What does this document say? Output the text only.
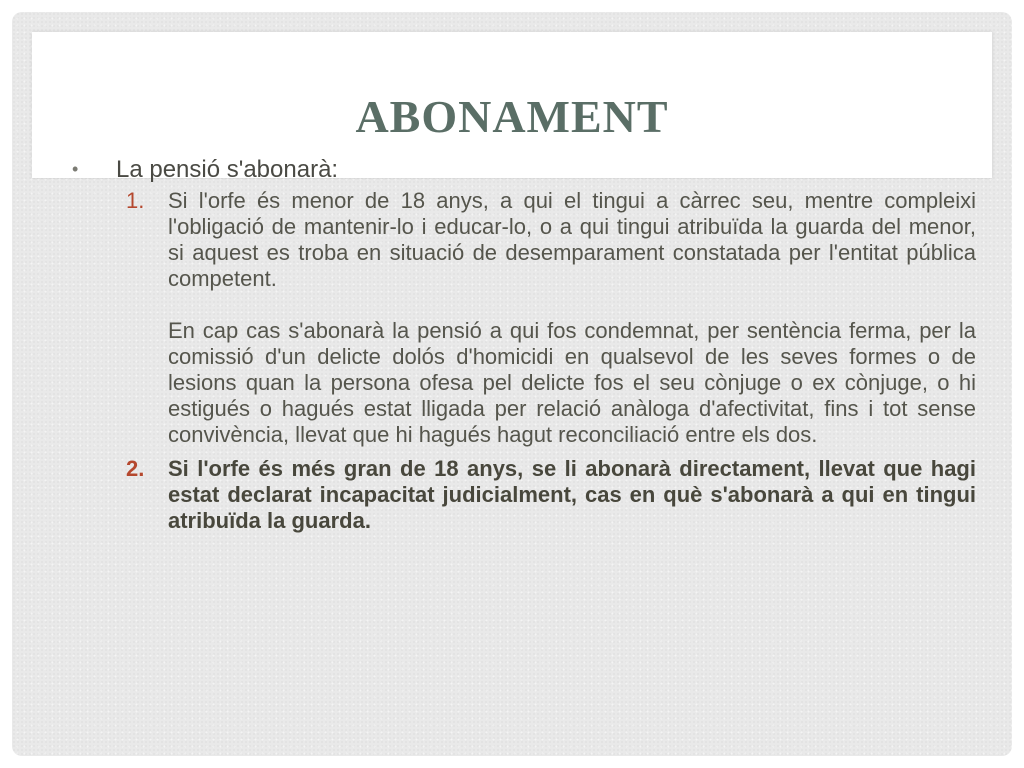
ABONAMENT
• La pensió s'abonarà:
1. Si l'orfe és menor de 18 anys, a qui el tingui a càrrec seu, mentre compleixi l'obligació de mantenir-lo i educar-lo, o a qui tingui atribuïda la guarda del menor, si aquest es troba en situació de desemparament constatada per l'entitat pública competent.

En cap cas s'abonarà la pensió a qui fos condemnat, per sentència ferma, per la comissió d'un delicte dolós d'homicidi en qualsevol de les seves formes o de lesions quan la persona ofesa pel delicte fos el seu cònjuge o ex cònjuge, o hi estigués o hagués estat lligada per relació anàloga d'afectivitat, fins i tot sense convivència, llevat que hi hagués hagut reconciliació entre els dos.

2. Si l'orfe és més gran de 18 anys, se li abonarà directament, llevat que hagi estat declarat incapacitat judicialment, cas en què s'abonarà a qui en tingui atribuïda la guarda.
